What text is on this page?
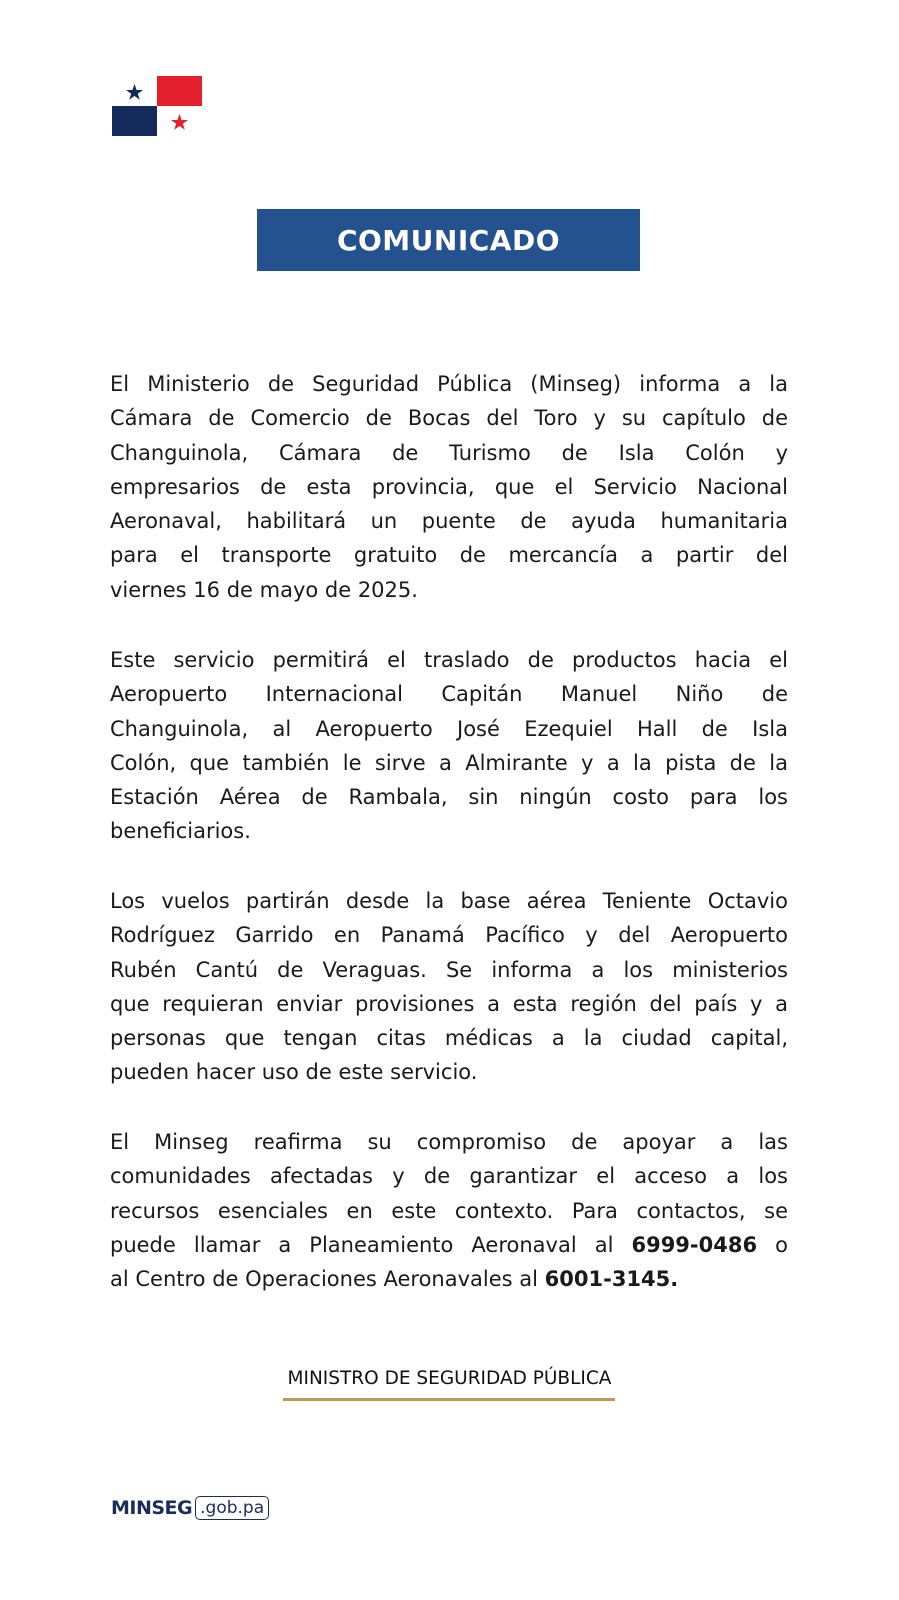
COMUNICADO
El Ministerio de Seguridad Pública (Minseg) informa a la
Cámara de Comercio de Bocas del Toro y su capítulo de
Changuinola, Cámara de Turismo de Isla Colón y
empresarios de esta provincia, que el Servicio Nacional
Aeronaval, habilitará un puente de ayuda humanitaria
para el transporte gratuito de mercancía a partir del
viernes 16 de mayo de 2025.
Este servicio permitirá el traslado de productos hacia el
Aeropuerto Internacional Capitán Manuel Niño de
Changuinola, al Aeropuerto José Ezequiel Hall de Isla
Colón, que también le sirve a Almirante y a la pista de la
Estación Aérea de Rambala, sin ningún costo para los
beneficiarios.
Los vuelos partirán desde la base aérea Teniente Octavio
Rodríguez Garrido en Panamá Pacífico y del Aeropuerto
Rubén Cantú de Veraguas. Se informa a los ministerios
que requieran enviar provisiones a esta región del país y a
personas que tengan citas médicas a la ciudad capital,
pueden hacer uso de este servicio.
El Minseg reafirma su compromiso de apoyar a las
comunidades afectadas y de garantizar el acceso a los
recursos esenciales en este contexto. Para contactos, se
puede llamar a Planeamiento Aeronaval al 6999-0486 o
al Centro de Operaciones Aeronavales al 6001-3145.
MINISTRO DE SEGURIDAD PÚBLICA
MINSEG .gob.pa
